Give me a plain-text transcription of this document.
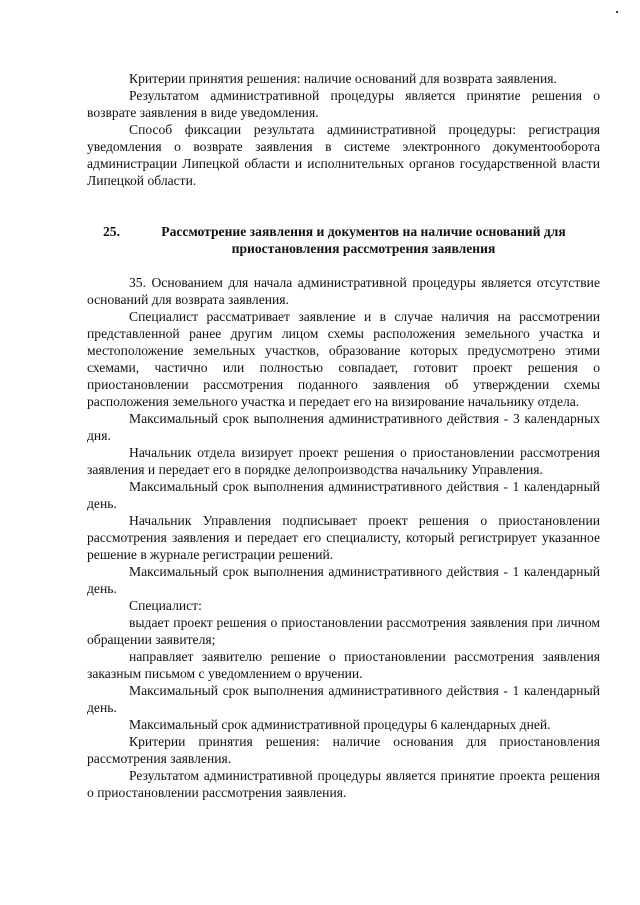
Критерии принятия решения: наличие оснований для возврата заявления.

Результатом административной процедуры является принятие решения о возврате заявления в виде уведомления.

Способ фиксации результата административной процедуры: регистрация уведомления о возврате заявления в системе электронного документооборота администрации Липецкой области и исполнительных органов государственной власти Липецкой области.

25.	Рассмотрение заявления и документов на наличие оснований для приостановления рассмотрения заявления

35. Основанием для начала административной процедуры является отсутствие оснований для возврата заявления.

Специалист рассматривает заявление и в случае наличия на рассмотрении представленной ранее другим лицом схемы расположения земельного участка и местоположение земельных участков, образование которых предусмотрено этими схемами, частично или полностью совпадает, готовит проект решения о приостановлении рассмотрения поданного заявления об утверждении схемы расположения земельного участка и передает его на визирование начальнику отдела.

Максимальный срок выполнения административного действия - 3 календарных дня.

Начальник отдела визирует проект решения о приостановлении рассмотрения заявления и передает его в порядке делопроизводства начальнику Управления.

Максимальный срок выполнения административного действия - 1 календарный день.

Начальник Управления подписывает проект решения о приостановлении рассмотрения заявления и передает его специалисту, который регистрирует указанное решение в журнале регистрации решений.

Максимальный срок выполнения административного действия - 1 календарный день.

Специалист:

выдает проект решения о приостановлении рассмотрения заявления при личном обращении заявителя;

направляет заявителю решение о приостановлении рассмотрения заявления заказным письмом с уведомлением о вручении.

Максимальный срок выполнения административного действия - 1 календарный день.

Максимальный срок административной процедуры 6 календарных дней.

Критерии принятия решения: наличие основания для приостановления рассмотрения заявления.

Результатом административной процедуры является принятие проекта решения о приостановлении рассмотрения заявления.
